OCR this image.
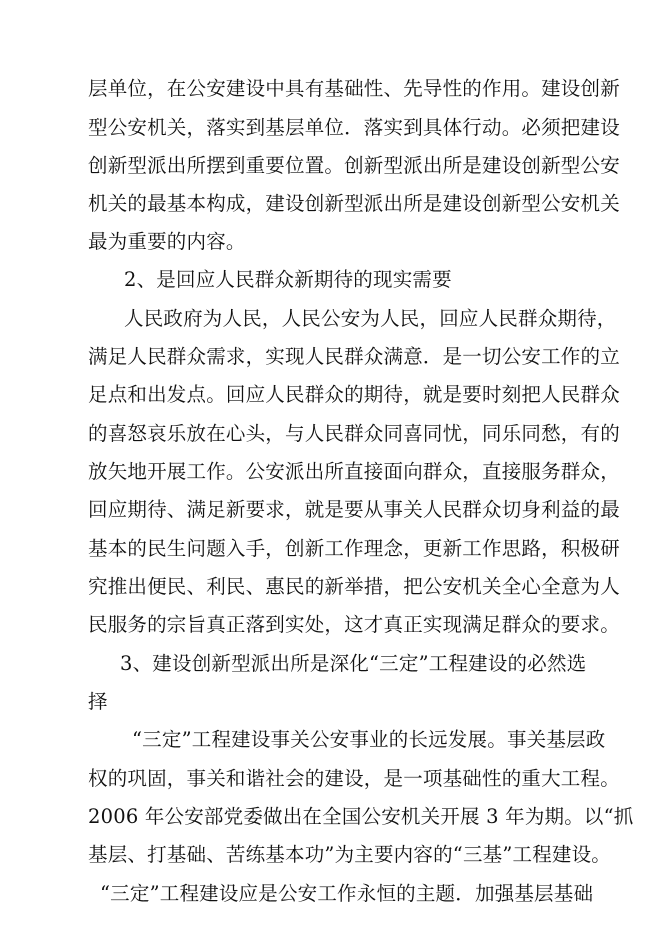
层单位，在公安建设中具有基础性、先导性的作用。建设创新
型公安机关，落实到基层单位．落实到具体行动。必须把建设
创新型派出所摆到重要位置。创新型派出所是建设创新型公安
机关的最基本构成，建设创新型派出所是建设创新型公安机关
最为重要的内容。
2、是回应人民群众新期待的现实需要
人民政府为人民，人民公安为人民，回应人民群众期待，
满足人民群众需求，实现人民群众满意．是一切公安工作的立
足点和出发点。回应人民群众的期待，就是要时刻把人民群众
的喜怒哀乐放在心头，与人民群众同喜同忧，同乐同愁，有的
放矢地开展工作。公安派出所直接面向群众，直接服务群众，
回应期待、满足新要求，就是要从事关人民群众切身利益的最
基本的民生问题入手，创新工作理念，更新工作思路，积极研
究推出便民、利民、惠民的新举措，把公安机关全心全意为人
民服务的宗旨真正落到实处，这才真正实现满足群众的要求。
3、建设创新型派出所是深化“三定”工程建设的必然选
择
“三定”工程建设事关公安事业的长远发展。事关基层政
权的巩固，事关和谐社会的建设，是一项基础性的重大工程。
2006 年公安部党委做出在全国公安机关开展 3 年为期。以“抓
基层、打基础、苦练基本功”为主要内容的“三基”工程建设。
“三定”工程建设应是公安工作永恒的主题．加强基层基础
